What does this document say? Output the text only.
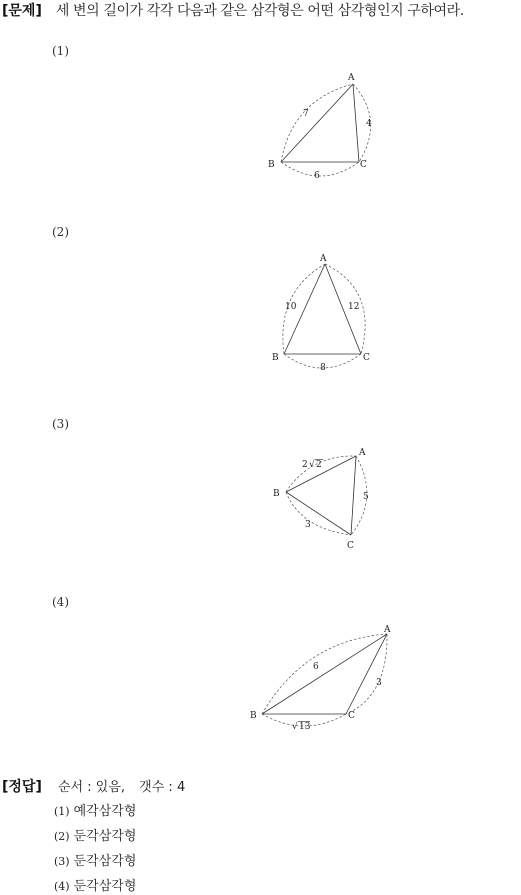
[문제] 세 변의 길이가 각각 다음과 같은 삼각형은 어떤 삼각형인지 구하여라.
(1)
A
B	C
7
4
6
(2)
A
B	C
10	12
8
(3)
A
B
C
2 √ 2
5
3
(4)
A
B	C
6
3
√ 13
[정답] 순서 : 있음, 갯수 : 4
(1) 예각삼각형
(2) 둔각삼각형
(3) 둔각삼각형
(4) 둔각삼각형
